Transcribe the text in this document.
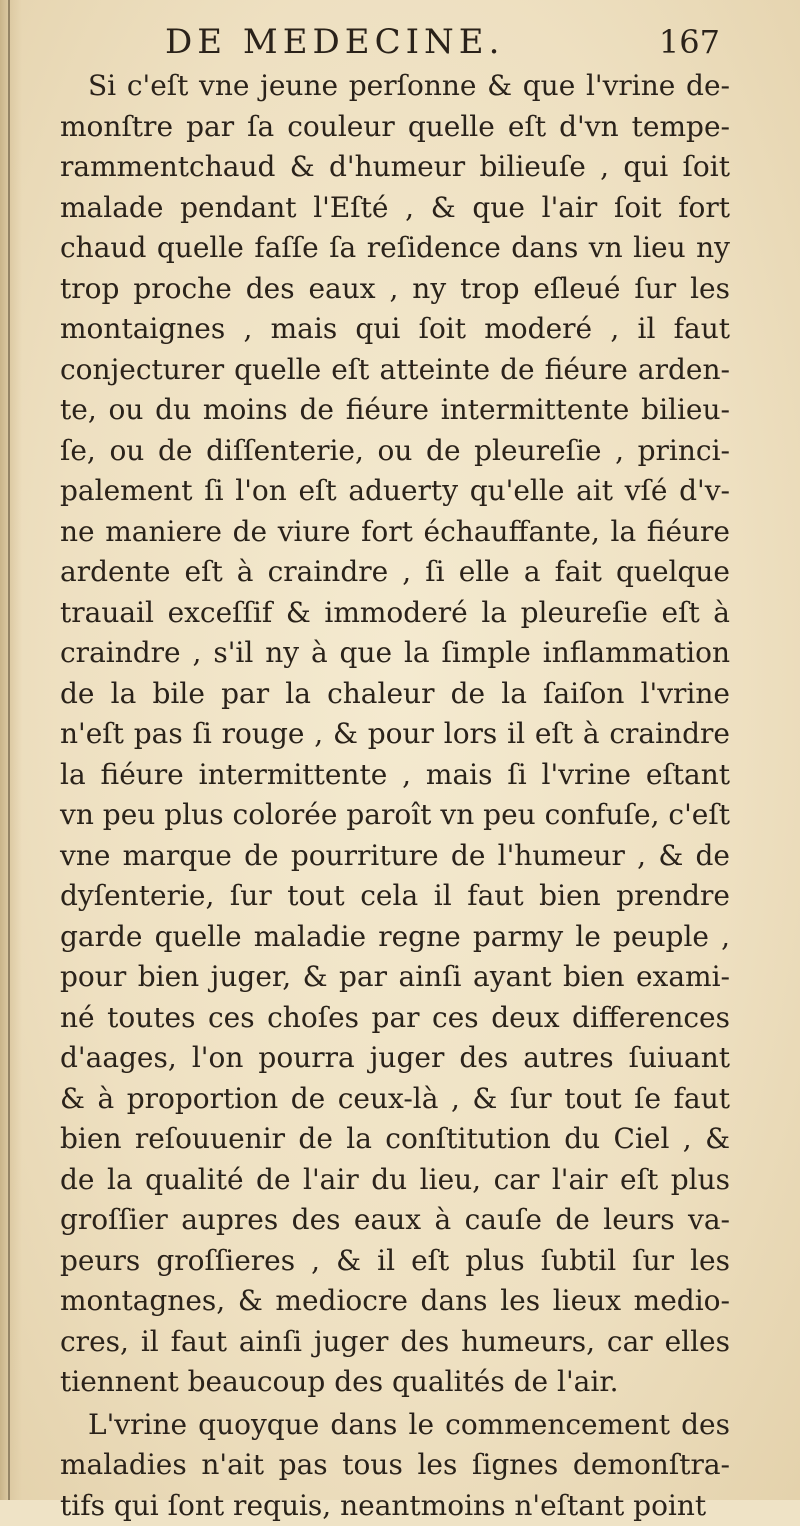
DE MEDECINE.	167
Si c'eſt vne jeune perſonne & que l'vrine de-
monſtre par ſa couleur quelle eſt d'vn tempe-
rammentchaud & d'humeur bilieuſe , qui ſoit
malade pendant l'Eſté , & que l'air ſoit fort
chaud quelle faſſe ſa reſidence dans vn lieu ny
trop proche des eaux , ny trop eſleué ſur les
montaignes , mais qui ſoit moderé , il faut
conjecturer quelle eſt atteinte de fiéure arden-
te, ou du moins de fiéure intermittente bilieu-
ſe, ou de diſſenterie, ou de pleureſie , princi-
palement ſi l'on eſt aduerty qu'elle ait vſé d'v-
ne maniere de viure fort échauffante, la fiéure
ardente eſt à craindre , ſi elle a fait quelque
trauail exceſſif & immoderé la pleureſie eſt à
craindre , s'il ny à que la ſimple inflammation
de la bile par la chaleur de la ſaiſon l'vrine
n'eſt pas ſi rouge , & pour lors il eſt à craindre
la fiéure intermittente , mais ſi l'vrine eſtant
vn peu plus colorée paroît vn peu confuſe, c'eſt
vne marque de pourriture de l'humeur , & de
dyſenterie, ſur tout cela il faut bien prendre
garde quelle maladie regne parmy le peuple ,
pour bien juger, & par ainſi ayant bien exami-
né toutes ces choſes par ces deux differences
d'aages, l'on pourra juger des autres ſuiuant
& à proportion de ceux-là , & ſur tout ſe faut
bien reſouuenir de la conſtitution du Ciel , &
de la qualité de l'air du lieu, car l'air eſt plus
groſſier aupres des eaux à cauſe de leurs va-
peurs groſſieres , & il eſt plus ſubtil ſur les
montagnes, & mediocre dans les lieux medio-
cres, il faut ainſi juger des humeurs, car elles
tiennent beaucoup des qualités de l'air.
L'vrine quoyque dans le commencement des
maladies n'ait pas tous les ſignes demonſtra-
tifs qui ſont requis, neantmoins n'eſtant point
